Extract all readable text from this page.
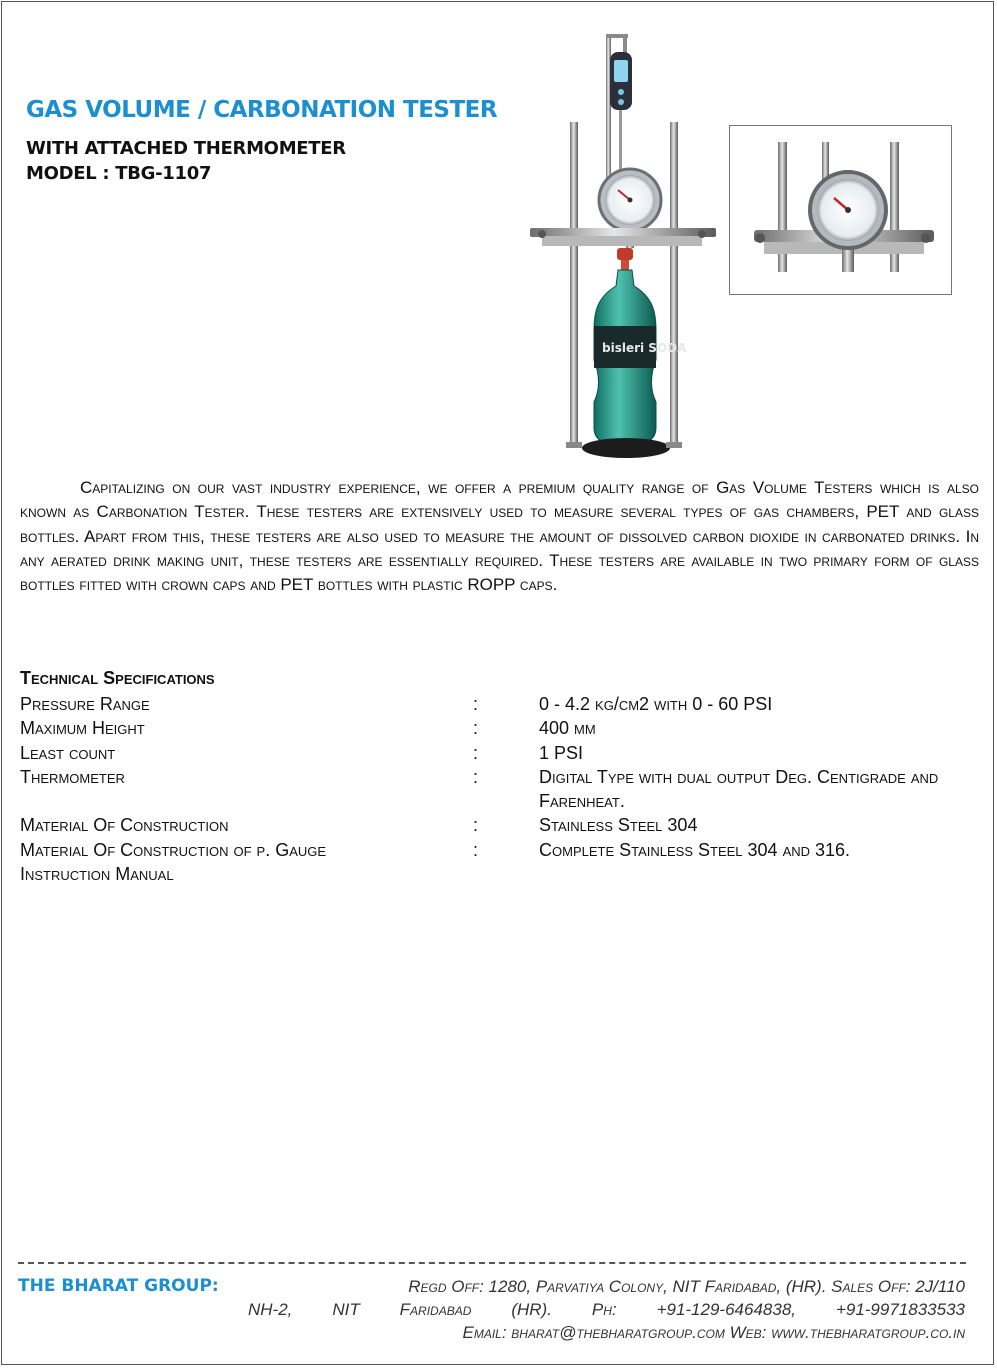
GAS VOLUME / CARBONATION TESTER

WITH ATTACHED THERMOMETER

MODEL : TBG-1107

bisleri SODA

Capitalizing on our vast industry experience, we offer a premium quality range of Gas Volume Testers which is also known as Carbonation Tester. These testers are extensively used to measure several types of gas chambers, PET and glass bottles. Apart from this, these testers are also used to measure the amount of dissolved carbon dioxide in carbonated drinks. In any aerated drink making unit, these testers are essentially required. These testers are available in two primary form of glass bottles fitted with crown caps and PET bottles with plastic ROPP caps.

Technical Specifications
Pressure Range	:	0 - 4.2 kg/cm2 with 0 - 60 PSI
Maximum Height	:	400 mm
Least count	:	1 PSI
Thermometer	:	Digital Type with dual output Deg. Centigrade and Farenheat.
Material Of Construction	:	Stainless Steel 304
Material Of Construction of p. Gauge	:	Complete Stainless Steel 304 and 316.
Instruction Manual
THE BHARAT GROUP:	Regd Off: 1280, Parvatiya Colony, NIT Faridabad, (HR). Sales Off: 2J/110
NH-2, NIT Faridabad (HR). Ph: +91-129-6464838, +91-9971833533
Email: bharat@thebharatgroup.com Web: www.thebharatgroup.co.in
